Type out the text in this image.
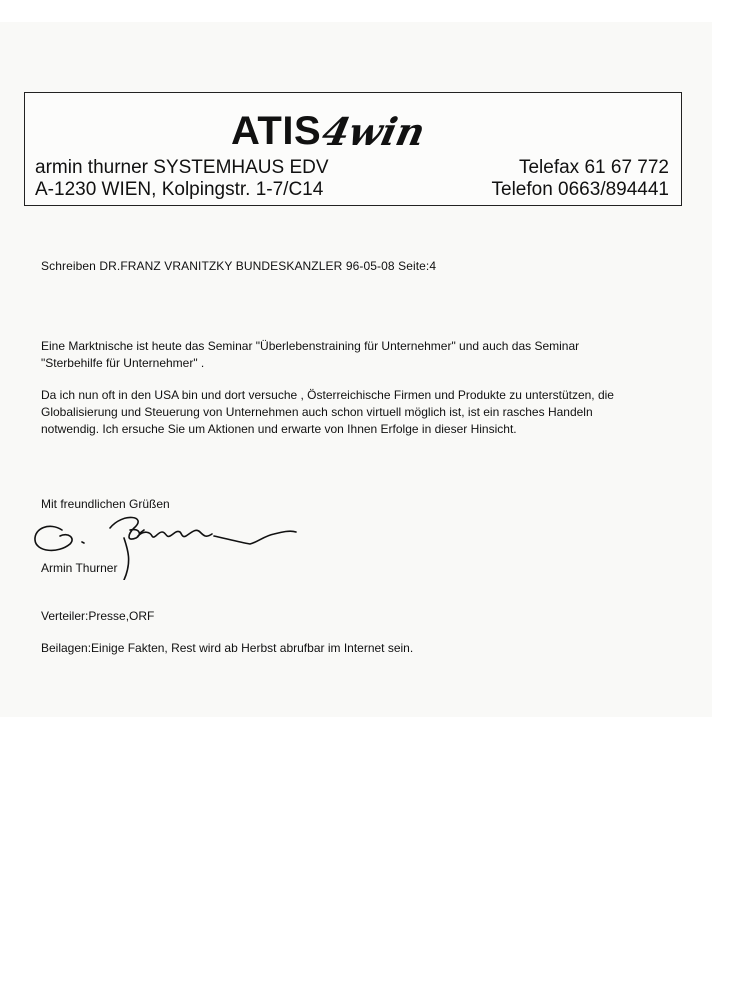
ATIS
4win
armin thurner SYSTEMHAUS EDV
A-1230 WIEN, Kolpingstr. 1-7/C14
Telefax 61 67 772
Telefon 0663/894441
Schreiben DR.FRANZ VRANITZKY BUNDESKANZLER 96-05-08 Seite:4
Eine Marktnische ist heute das Seminar "Überlebenstraining für Unternehmer" und auch das Seminar "Sterbehilfe für Unternehmer" .
Da ich nun oft in den USA bin und dort versuche , Österreichische Firmen und Produkte zu unterstützen, die Globalisierung und Steuerung von Unternehmen auch schon virtuell möglich ist, ist ein rasches Handeln notwendig. Ich ersuche Sie um Aktionen und erwarte von Ihnen Erfolge in dieser Hinsicht.
Mit freundlichen Grüßen
Armin Thurner
Verteiler:Presse,ORF
Beilagen:Einige Fakten, Rest wird ab Herbst abrufbar im Internet sein.
